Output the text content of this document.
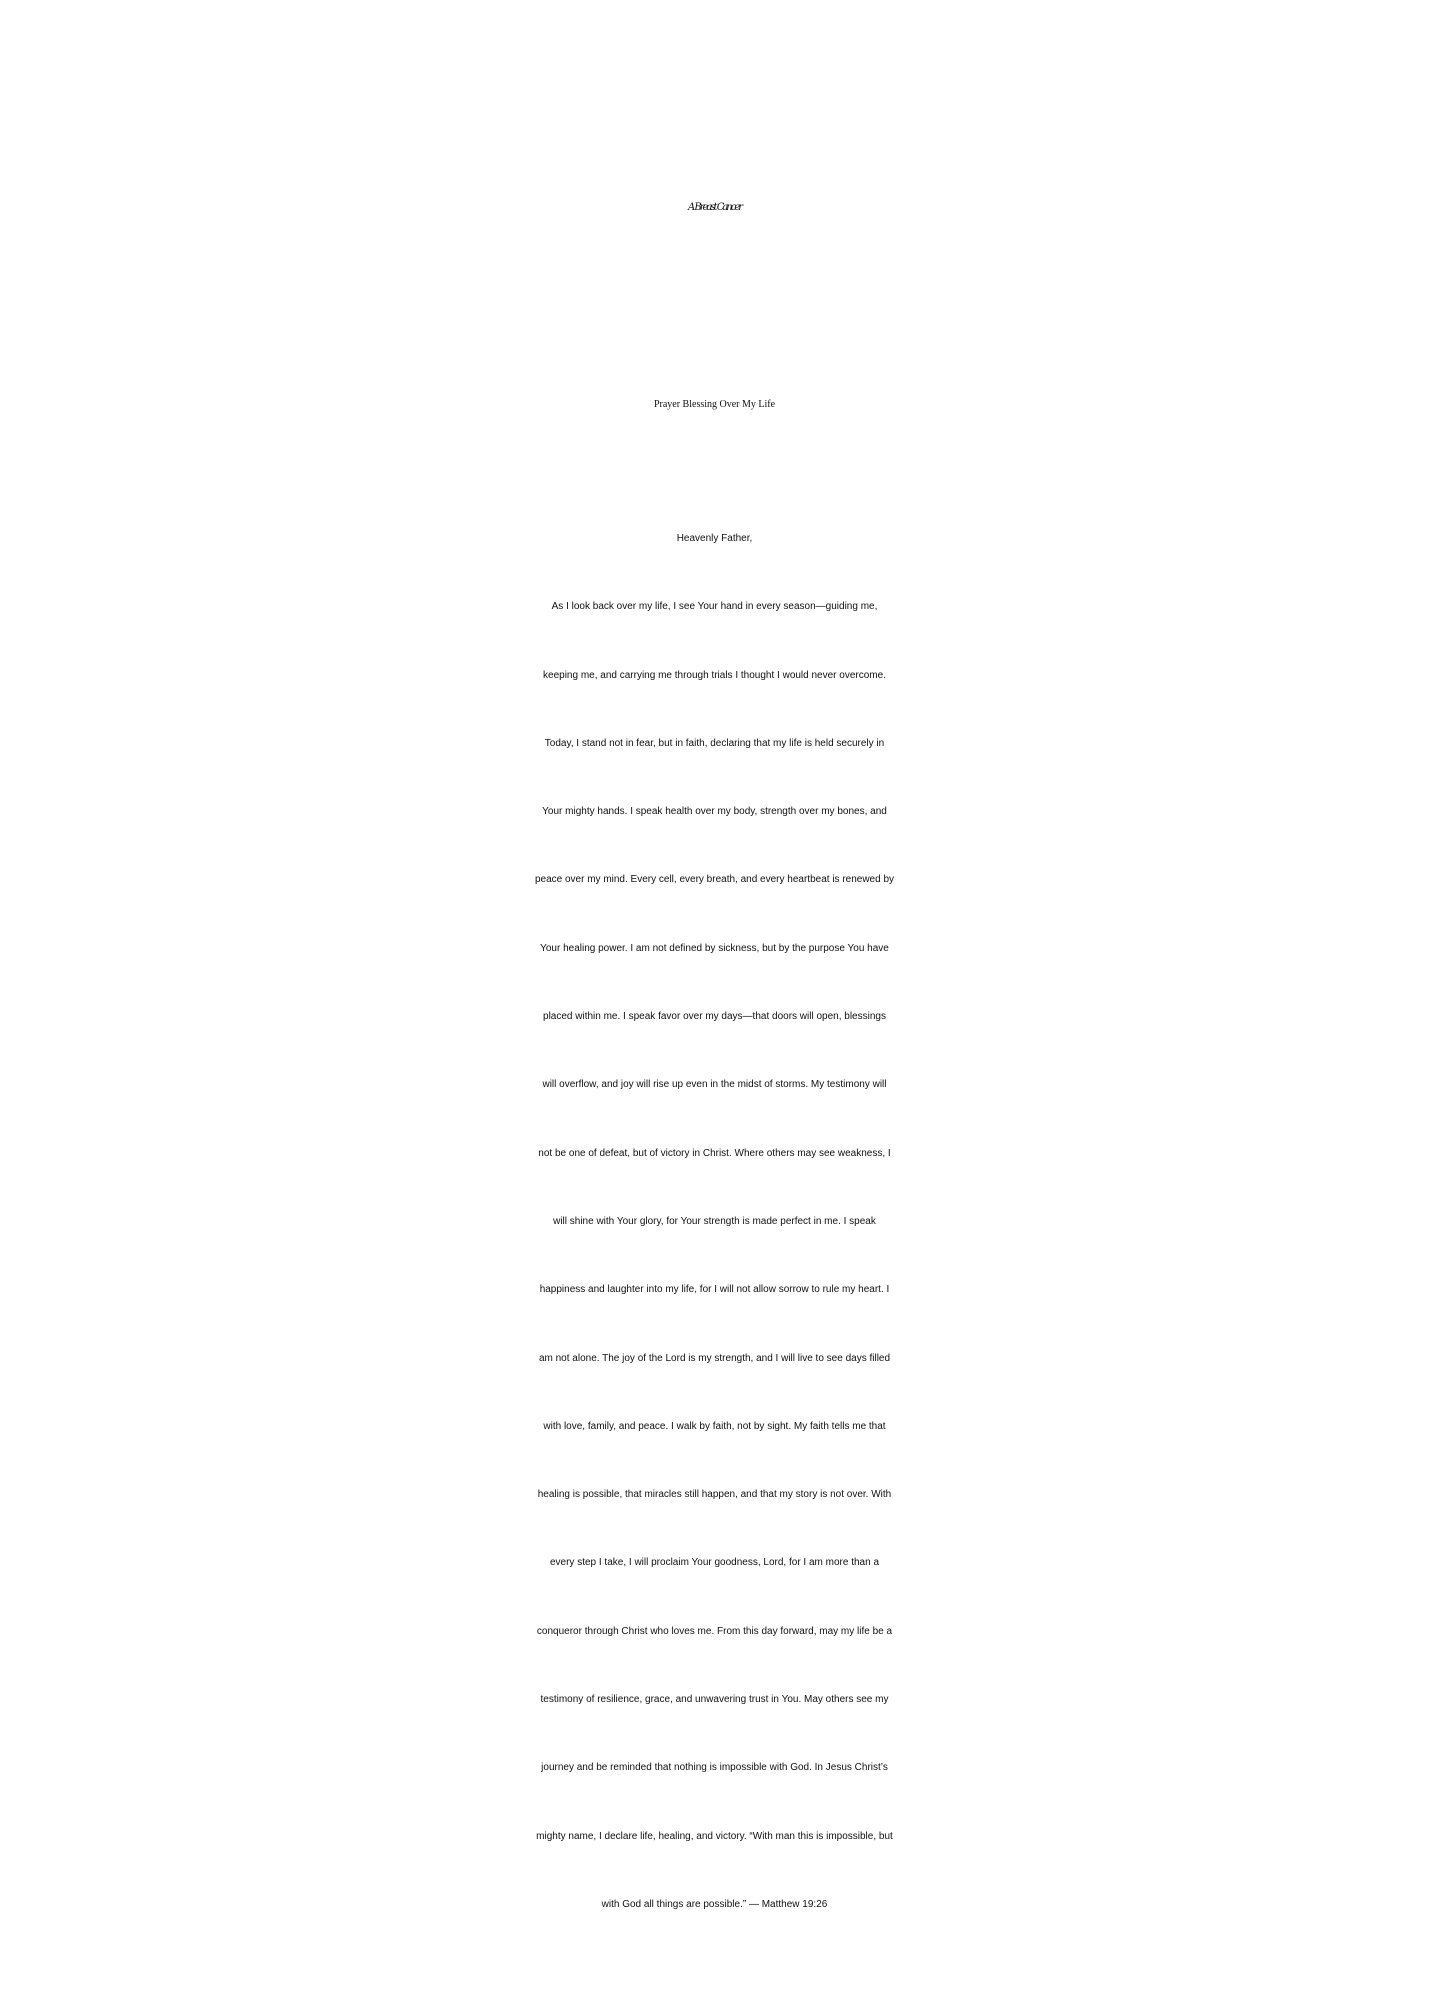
A Breast Cancer
Prayer Blessing Over My Life
Heavenly Father,
As I look back over my life, I see Your hand in every season—guiding me,
keeping me, and carrying me through trials I thought I would never overcome.
Today, I stand not in fear, but in faith, declaring that my life is held securely in
Your mighty hands. I speak health over my body, strength over my bones, and
peace over my mind. Every cell, every breath, and every heartbeat is renewed by
Your healing power. I am not defined by sickness, but by the purpose You have
placed within me. I speak favor over my days—that doors will open, blessings
will overflow, and joy will rise up even in the midst of storms. My testimony will
not be one of defeat, but of victory in Christ. Where others may see weakness, I
will shine with Your glory, for Your strength is made perfect in me. I speak
happiness and laughter into my life, for I will not allow sorrow to rule my heart. I
am not alone. The joy of the Lord is my strength, and I will live to see days filled
with love, family, and peace. I walk by faith, not by sight. My faith tells me that
healing is possible, that miracles still happen, and that my story is not over. With
every step I take, I will proclaim Your goodness, Lord, for I am more than a
conqueror through Christ who loves me. From this day forward, may my life be a
testimony of resilience, grace, and unwavering trust in You. May others see my
journey and be reminded that nothing is impossible with God. In Jesus Christ’s
mighty name, I declare life, healing, and victory. “With man this is impossible, but
with God all things are possible.” — Matthew 19:26
